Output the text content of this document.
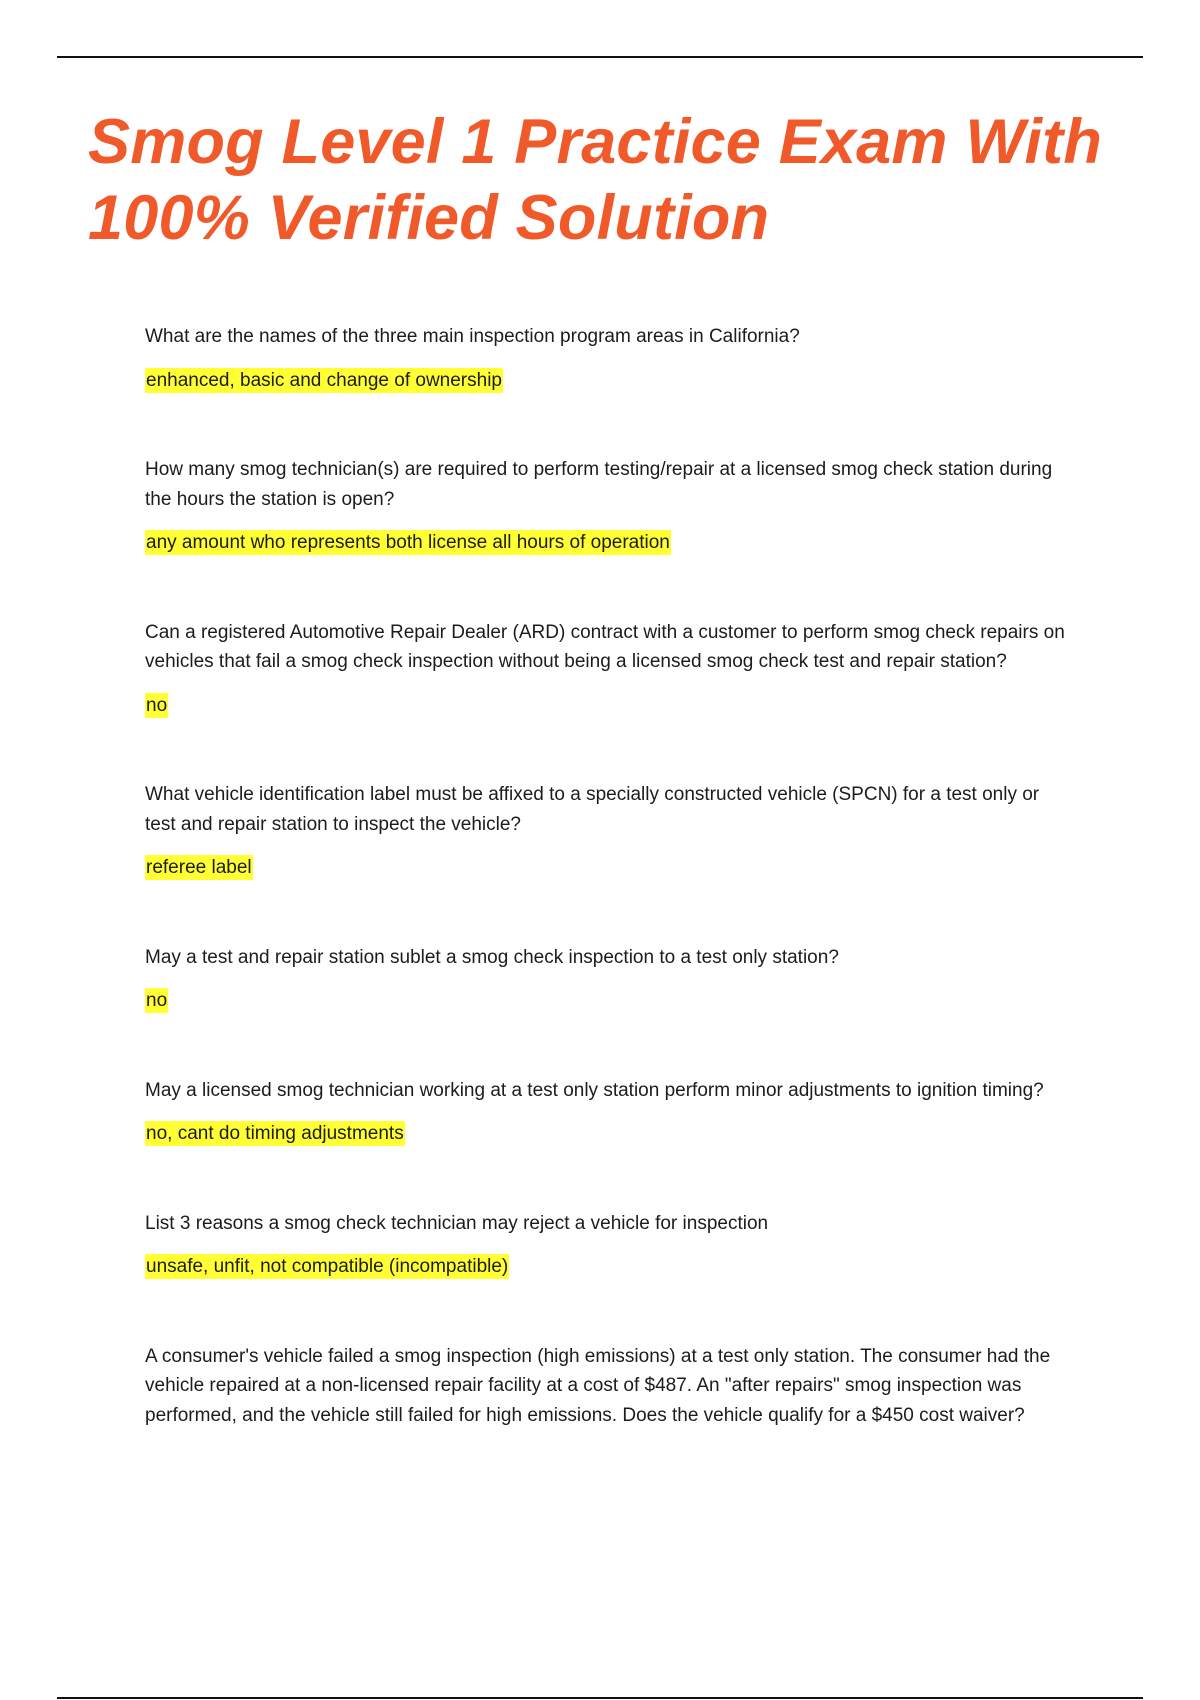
Smog Level 1 Practice Exam With 100% Verified Solution

What are the names of the three main inspection program areas in California?

enhanced, basic and change of ownership

How many smog technician(s) are required to perform testing/repair at a licensed smog check station during the hours the station is open?

any amount who represents both license all hours of operation

Can a registered Automotive Repair Dealer (ARD) contract with a customer to perform smog check repairs on vehicles that fail a smog check inspection without being a licensed smog check test and repair station?

no

What vehicle identification label must be affixed to a specially constructed vehicle (SPCN) for a test only or test and repair station to inspect the vehicle?

referee label

May a test and repair station sublet a smog check inspection to a test only station?

no

May a licensed smog technician working at a test only station perform minor adjustments to ignition timing?

no, cant do timing adjustments

List 3 reasons a smog check technician may reject a vehicle for inspection

unsafe, unfit, not compatible (incompatible)

A consumer's vehicle failed a smog inspection (high emissions) at a test only station. The consumer had the vehicle repaired at a non-licensed repair facility at a cost of $487. An "after repairs" smog inspection was performed, and the vehicle still failed for high emissions. Does the vehicle qualify for a $450 cost waiver?
